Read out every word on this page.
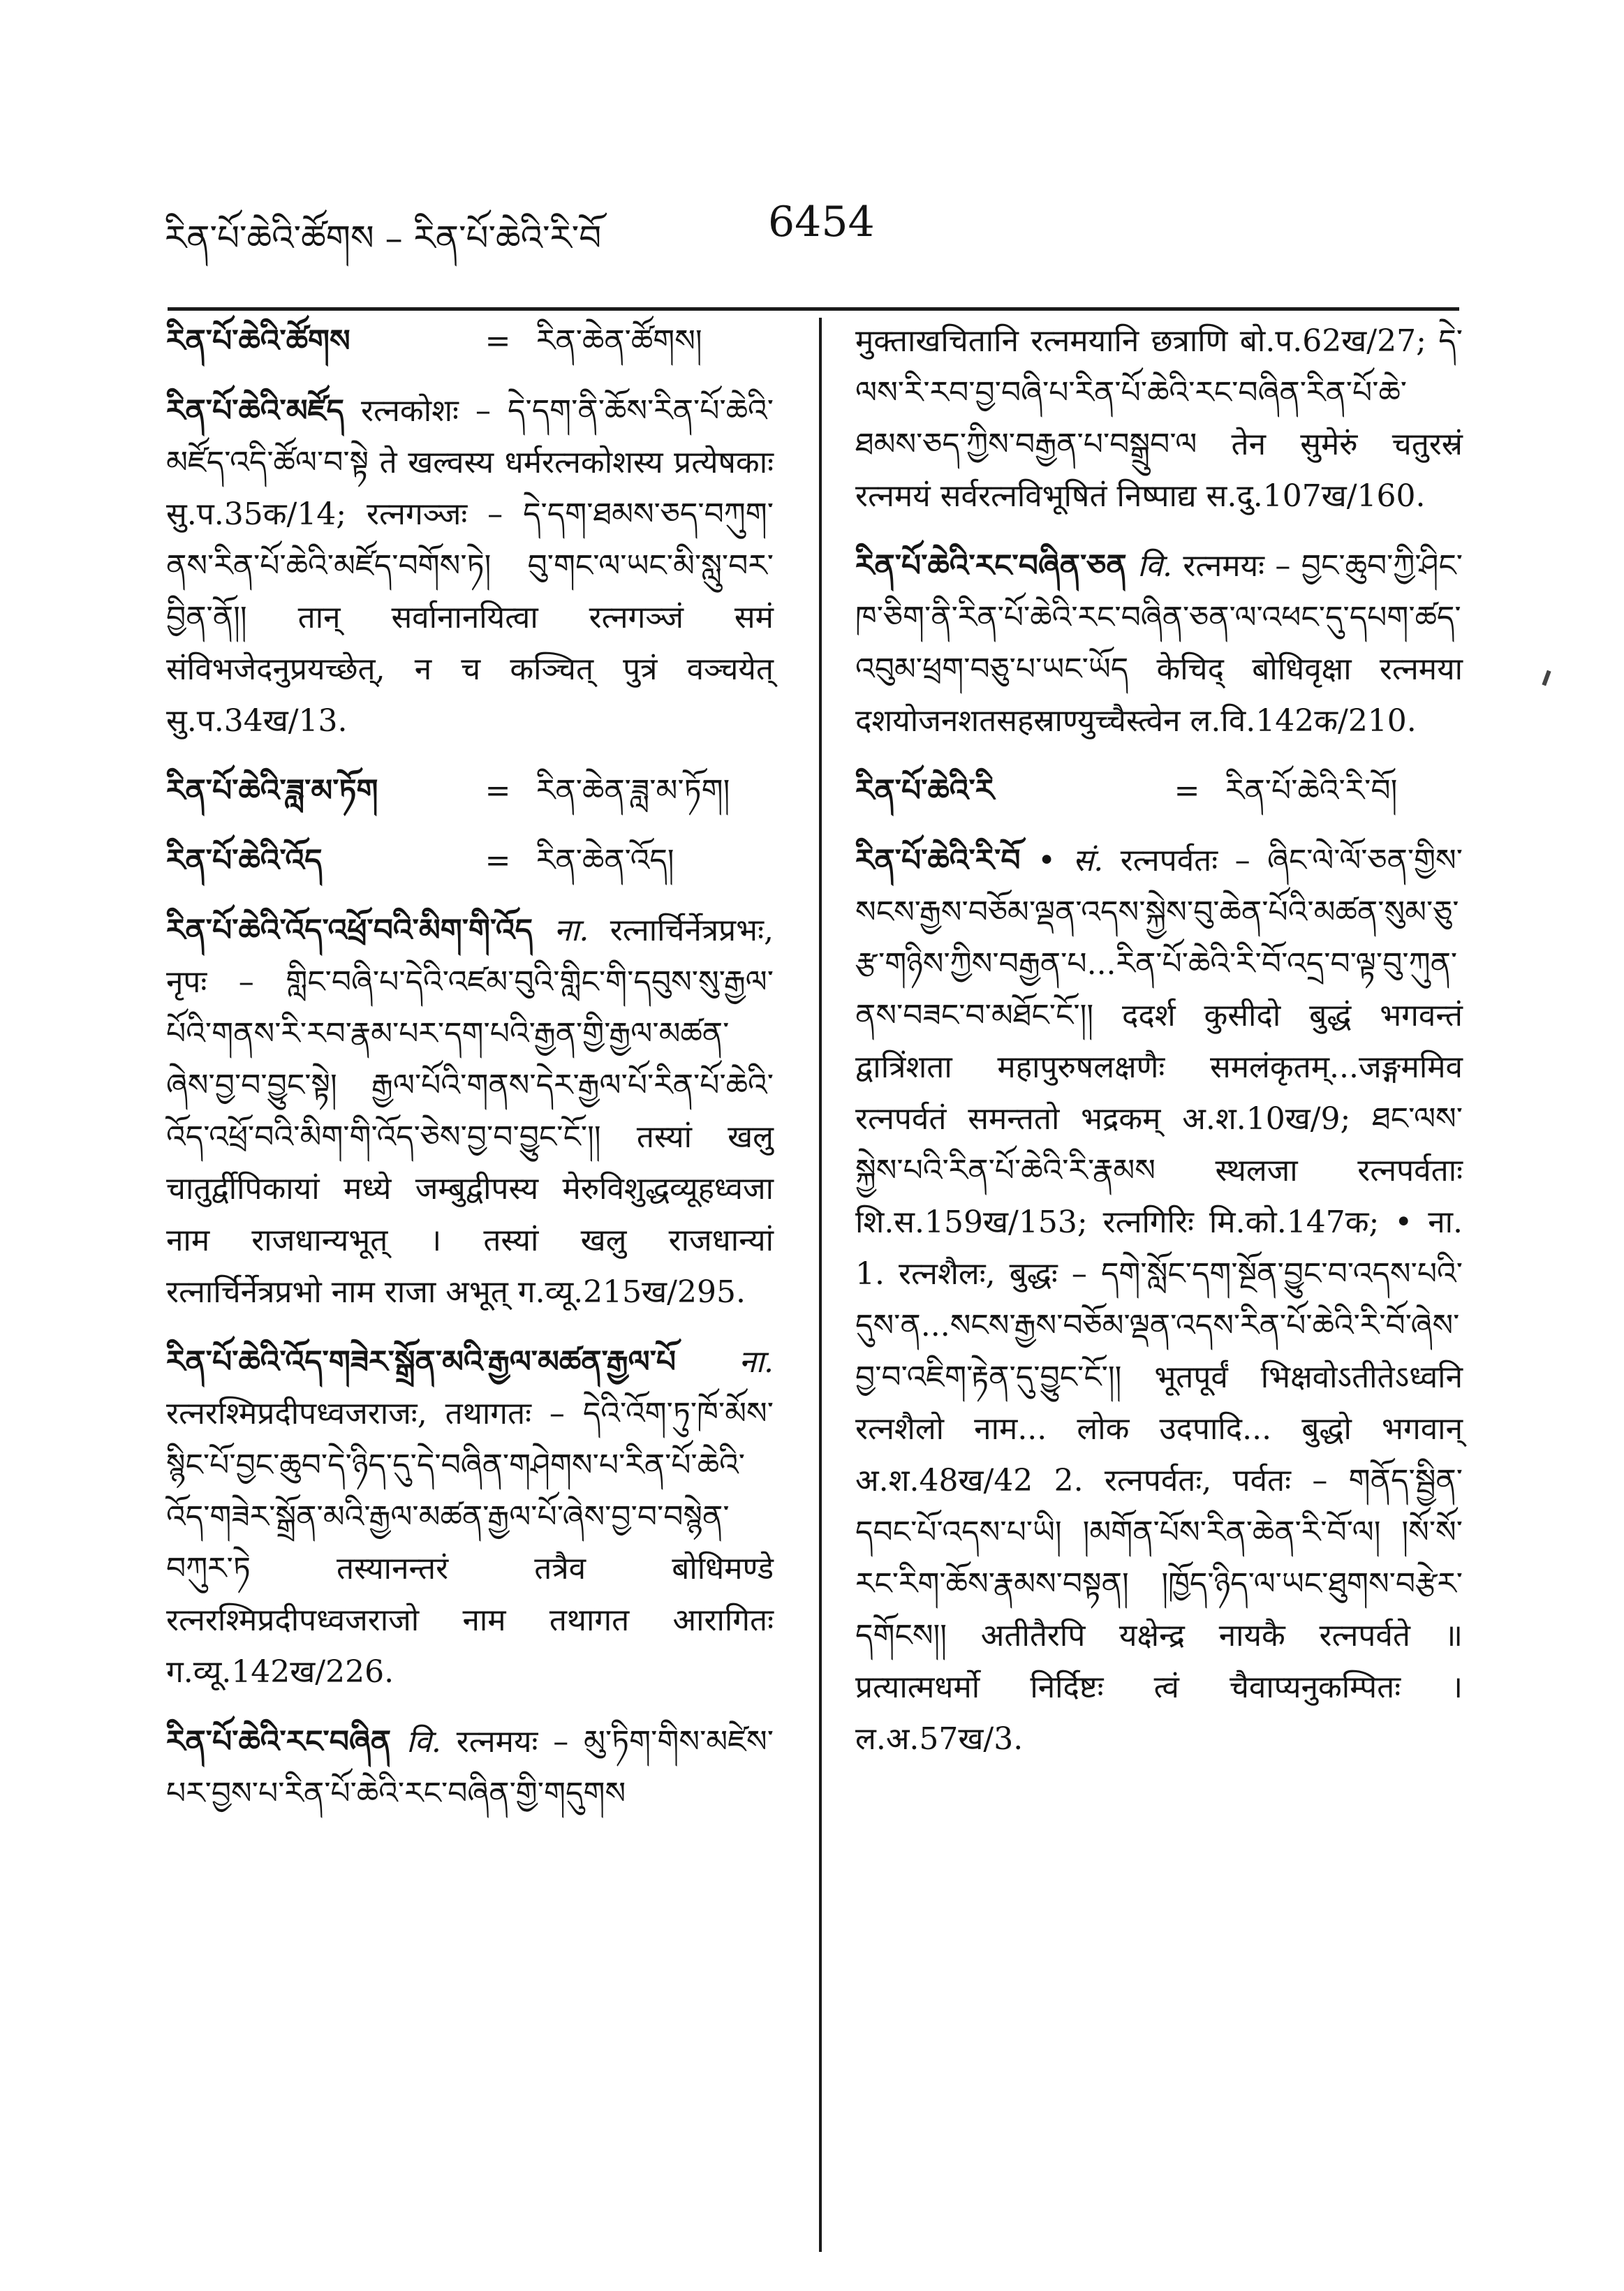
རིན་པོ་ཆེའི་ཚོགས – རིན་པོ་ཆེའི་རི་བོ	6454
རིན་པོ་ཆེའི་ཚོགས	= རིན་ཆེན་ཚོགས།
རིན་པོ་ཆེའི་མཛོད रत्नकोशः – དེ་དག་ནི་ཆོས་རིན་པོ་ཆེའི་མཛོད་འདི་ཚོལ་བ་སྟེ ते खल्वस्य धर्मरत्नकोशस्य प्रत्येषकाः सु.प.35क/14; रत्नगञ्जः – དེ་དག་ཐམས་ཅད་བཀུག་ནས་རིན་པོ་ཆེའི་མཛོད་བགོས་ཏེ། བུ་གང་ལ་ཡང་མི་སླུ་བར་བྱིན་ནོ།། तान् सर्वानानयित्वा रत्नगञ्जं समं संविभजेदनुप्रयच्छेत्, न च कञ्चित् पुत्रं वञ्चयेत् सु.प.34ख/13.
རིན་པོ་ཆེའི་ཟླ་མ་ཏོག	= རིན་ཆེན་ཟླ་མ་ཏོག།
རིན་པོ་ཆེའི་འོད	= རིན་ཆེན་འོད།
རིན་པོ་ཆེའི་འོད་འཕྲོ་བའི་མིག་གི་འོད ना. रत्नार्चिर्नेत्रप्रभः, नृपः – གླིང་བཞི་པ་དེའི་འཛམ་བུའི་གླིང་གི་དབུས་སུ་རྒྱལ་པོའི་གནས་རི་རབ་རྣམ་པར་དག་པའི་རྒྱན་གྱི་རྒྱལ་མཚན་ཞེས་བྱ་བ་བྱུང་སྟེ། རྒྱལ་པོའི་གནས་དེར་རྒྱལ་པོ་རིན་པོ་ཆེའི་འོད་འཕྲོ་བའི་མིག་གི་འོད་ཅེས་བྱ་བ་བྱུང་ངོ་།། तस्यां खलु चातुर्द्वीपिकायां मध्ये जम्बुद्वीपस्य मेरुविशुद्धव्यूहध्वजा नाम राजधान्यभूत् । तस्यां खलु राजधान्यां रत्नार्चिर्नेत्रप्रभो नाम राजा अभूत् ग.व्यू.215ख/295.
རིན་པོ་ཆེའི་འོད་གཟེར་སྒྲོན་མའི་རྒྱལ་མཚན་རྒྱལ་པོ ना. रत्नरश्मिप्रदीपध्वजराजः, तथागतः – དེའི་འོག་ཏུ་ཁོ་མོས་སྙིང་པོ་བྱང་ཆུབ་དེ་ཉིད་དུ་དེ་བཞིན་གཤེགས་པ་རིན་པོ་ཆེའི་འོད་གཟེར་སྒྲོན་མའི་རྒྱལ་མཚན་རྒྱལ་པོ་ཞེས་བྱ་བ་བསྙེན་བཀུར་ཏེ तस्यानन्तरं तत्रैव बोधिमण्डे रत्नरश्मिप्रदीपध्वजराजो नाम तथागत आरागितः ग.व्यू.142ख/226.
རིན་པོ་ཆེའི་རང་བཞིན वि. रत्नमयः – མུ་ཏིག་གིས་མཛེས་པར་བྱས་པ་རིན་པོ་ཆེའི་རང་བཞིན་གྱི་གདུགས
मुक्ताखचितानि रत्नमयानि छत्राणि बो.प.62ख/27; དེ་ལས་རི་རབ་བྱ་བཞི་པ་རིན་པོ་ཆེའི་རང་བཞིན་རིན་པོ་ཆེ་ཐམས་ཅད་ཀྱིས་བརྒྱན་པ་བསྒྲུབ་ལ तेन सुमेरुं चतुरस्रं रत्नमयं सर्वरत्नविभूषितं निष्पाद्य स.दु.107ख/160.
རིན་པོ་ཆེའི་རང་བཞིན་ཅན वि. रत्नमयः – བྱང་ཆུབ་ཀྱི་ཤིང་ཁ་ཅིག་ནི་རིན་པོ་ཆེའི་རང་བཞིན་ཅན་ལ་འཕང་དུ་དཔག་ཚད་འབུམ་ཕྲག་བཅུ་པ་ཡང་ཡོད केचिद् बोधिवृक्षा रत्नमया दशयोजनशतसहस्राण्युच्चैस्त्वेन ल.वि.142क/210.
རིན་པོ་ཆེའི་རི	= རིན་པོ་ཆེའི་རི་བོ།
རིན་པོ་ཆེའི་རི་བོ • सं. रत्नपर्वतः – ཞིང་ལེ་ལོ་ཅན་གྱིས་སངས་རྒྱས་བཅོམ་ལྡན་འདས་སྐྱེས་བུ་ཆེན་པོའི་མཚན་སུམ་ཅུ་རྩ་གཉིས་ཀྱིས་བརྒྱན་པ...རིན་པོ་ཆེའི་རི་བོ་འདྲ་བ་ལྟ་བུ་ཀུན་ནས་བཟང་བ་མཐོང་ངོ་།། ददर्श कुसीदो बुद्धं भगवन्तं द्वात्रिंशता महापुरुषलक्षणैः समलंकृतम्...जङ्गममिव रत्नपर्वतं समन्ततो भद्रकम् अ.श.10ख/9; ཐང་ལས་སྐྱེས་པའི་རིན་པོ་ཆེའི་རི་རྣམས स्थलजा रत्नपर्वताः शि.स.159ख/153; रत्नगिरिः मि.को.147क; • ना. 1. रत्नशैलः, बुद्धः – དགེ་སློང་དག་སྔོན་བྱུང་བ་འདས་པའི་དུས་ན...སངས་རྒྱས་བཅོམ་ལྡན་འདས་རིན་པོ་ཆེའི་རི་བོ་ཞེས་བྱ་བ་འཇིག་རྟེན་དུ་བྱུང་ངོ་།། भूतपूर्वं भिक्षवोऽतीतेऽध्वनि रत्नशैलो नाम... लोक उदपादि... बुद्धो भगवान् अ.श.48ख/42 2. रत्नपर्वतः, पर्वतः – གནོད་སྦྱིན་དབང་པོ་འདས་པ་ཡི། །མགོན་པོས་རིན་ཆེན་རི་བོ་ལ། །སོ་སོ་རང་རིག་ཆོས་རྣམས་བསྟན། །ཁྱོད་ཉིད་ལ་ཡང་ཐུགས་བརྩེར་དགོངས།། अतीतैरपि यक्षेन्द्र नायकै रत्नपर्वते ॥ प्रत्यात्मधर्मो निर्दिष्टः त्वं चैवाप्यनुकम्पितः । ल.अ.57ख/3.
